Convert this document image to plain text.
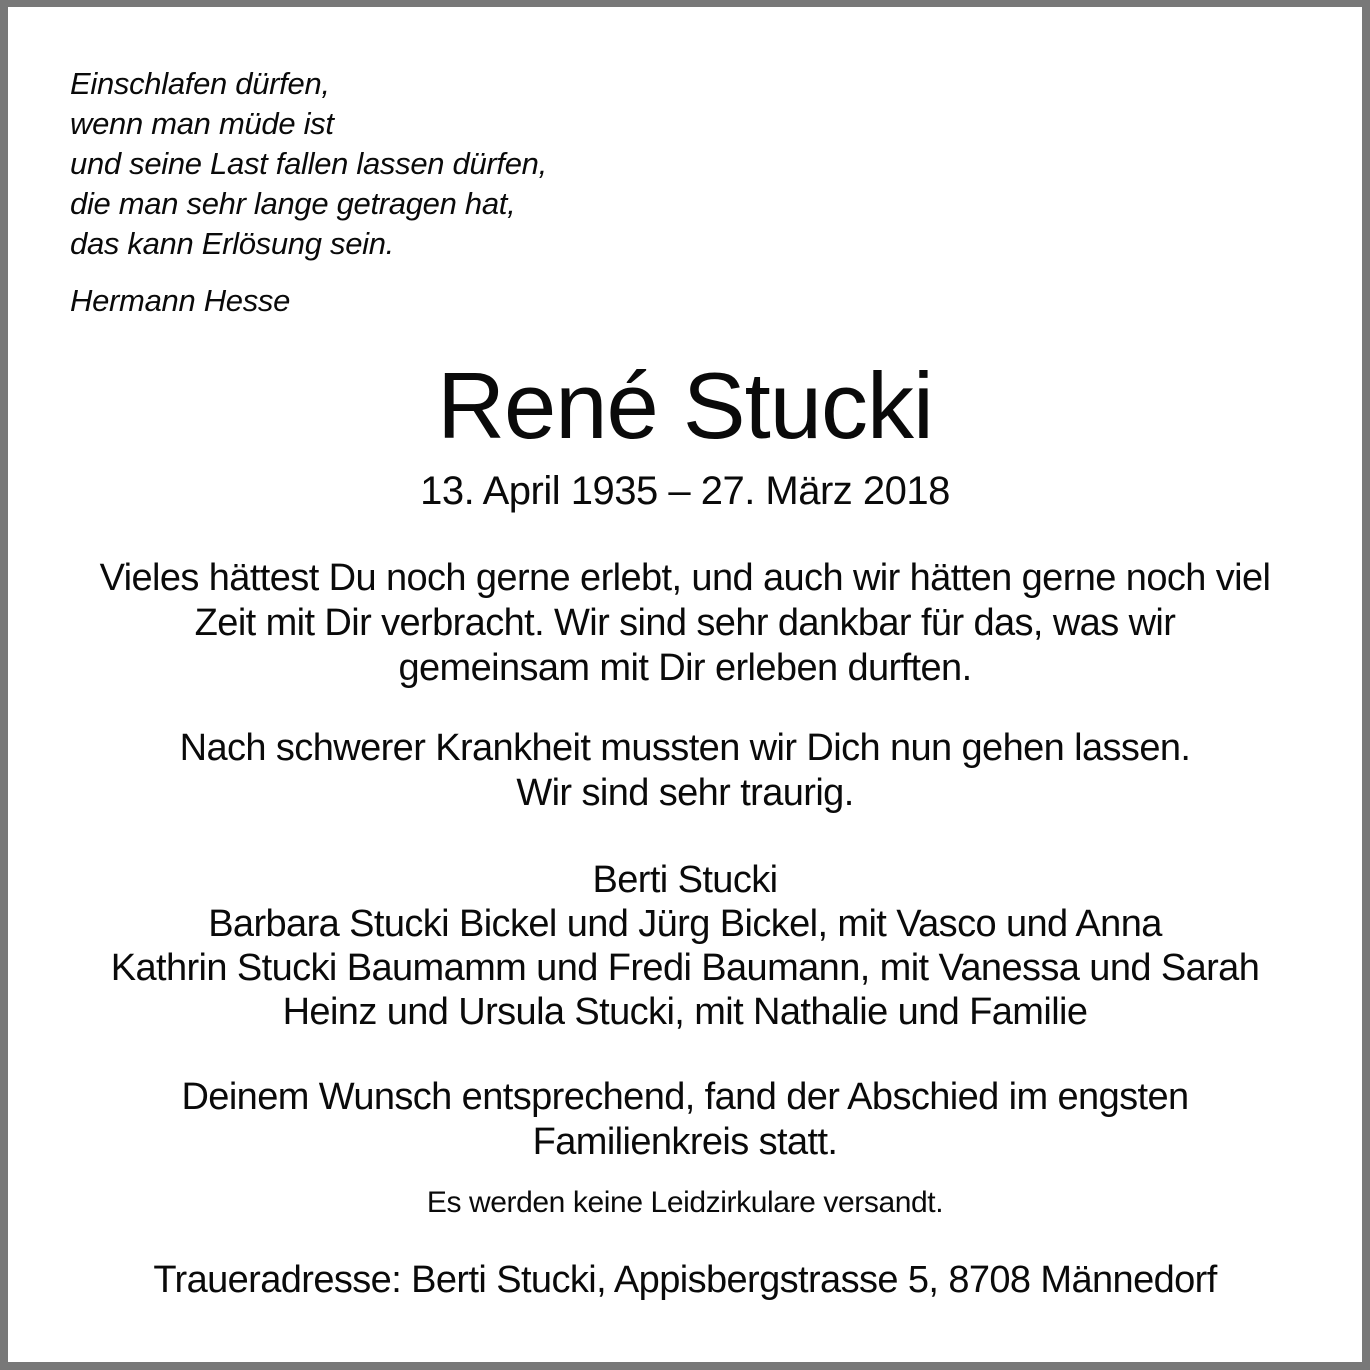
Einschlafen dürfen,
wenn man müde ist
und seine Last fallen lassen dürfen,
die man sehr lange getragen hat,
das kann Erlösung sein.
Hermann Hesse
René Stucki
13. April 1935 – 27. März 2018
Vieles hättest Du noch gerne erlebt, und auch wir hätten gerne noch viel
Zeit mit Dir verbracht. Wir sind sehr dankbar für das, was wir
gemeinsam mit Dir erleben durften.
Nach schwerer Krankheit mussten wir Dich nun gehen lassen.
Wir sind sehr traurig.
Berti Stucki
Barbara Stucki Bickel und Jürg Bickel, mit Vasco und Anna
Kathrin Stucki Baumamm und Fredi Baumann, mit Vanessa und Sarah
Heinz und Ursula Stucki, mit Nathalie und Familie
Deinem Wunsch entsprechend, fand der Abschied im engsten
Familienkreis statt.
Es werden keine Leidzirkulare versandt.
Traueradresse: Berti Stucki, Appisbergstrasse 5, 8708 Männedorf
